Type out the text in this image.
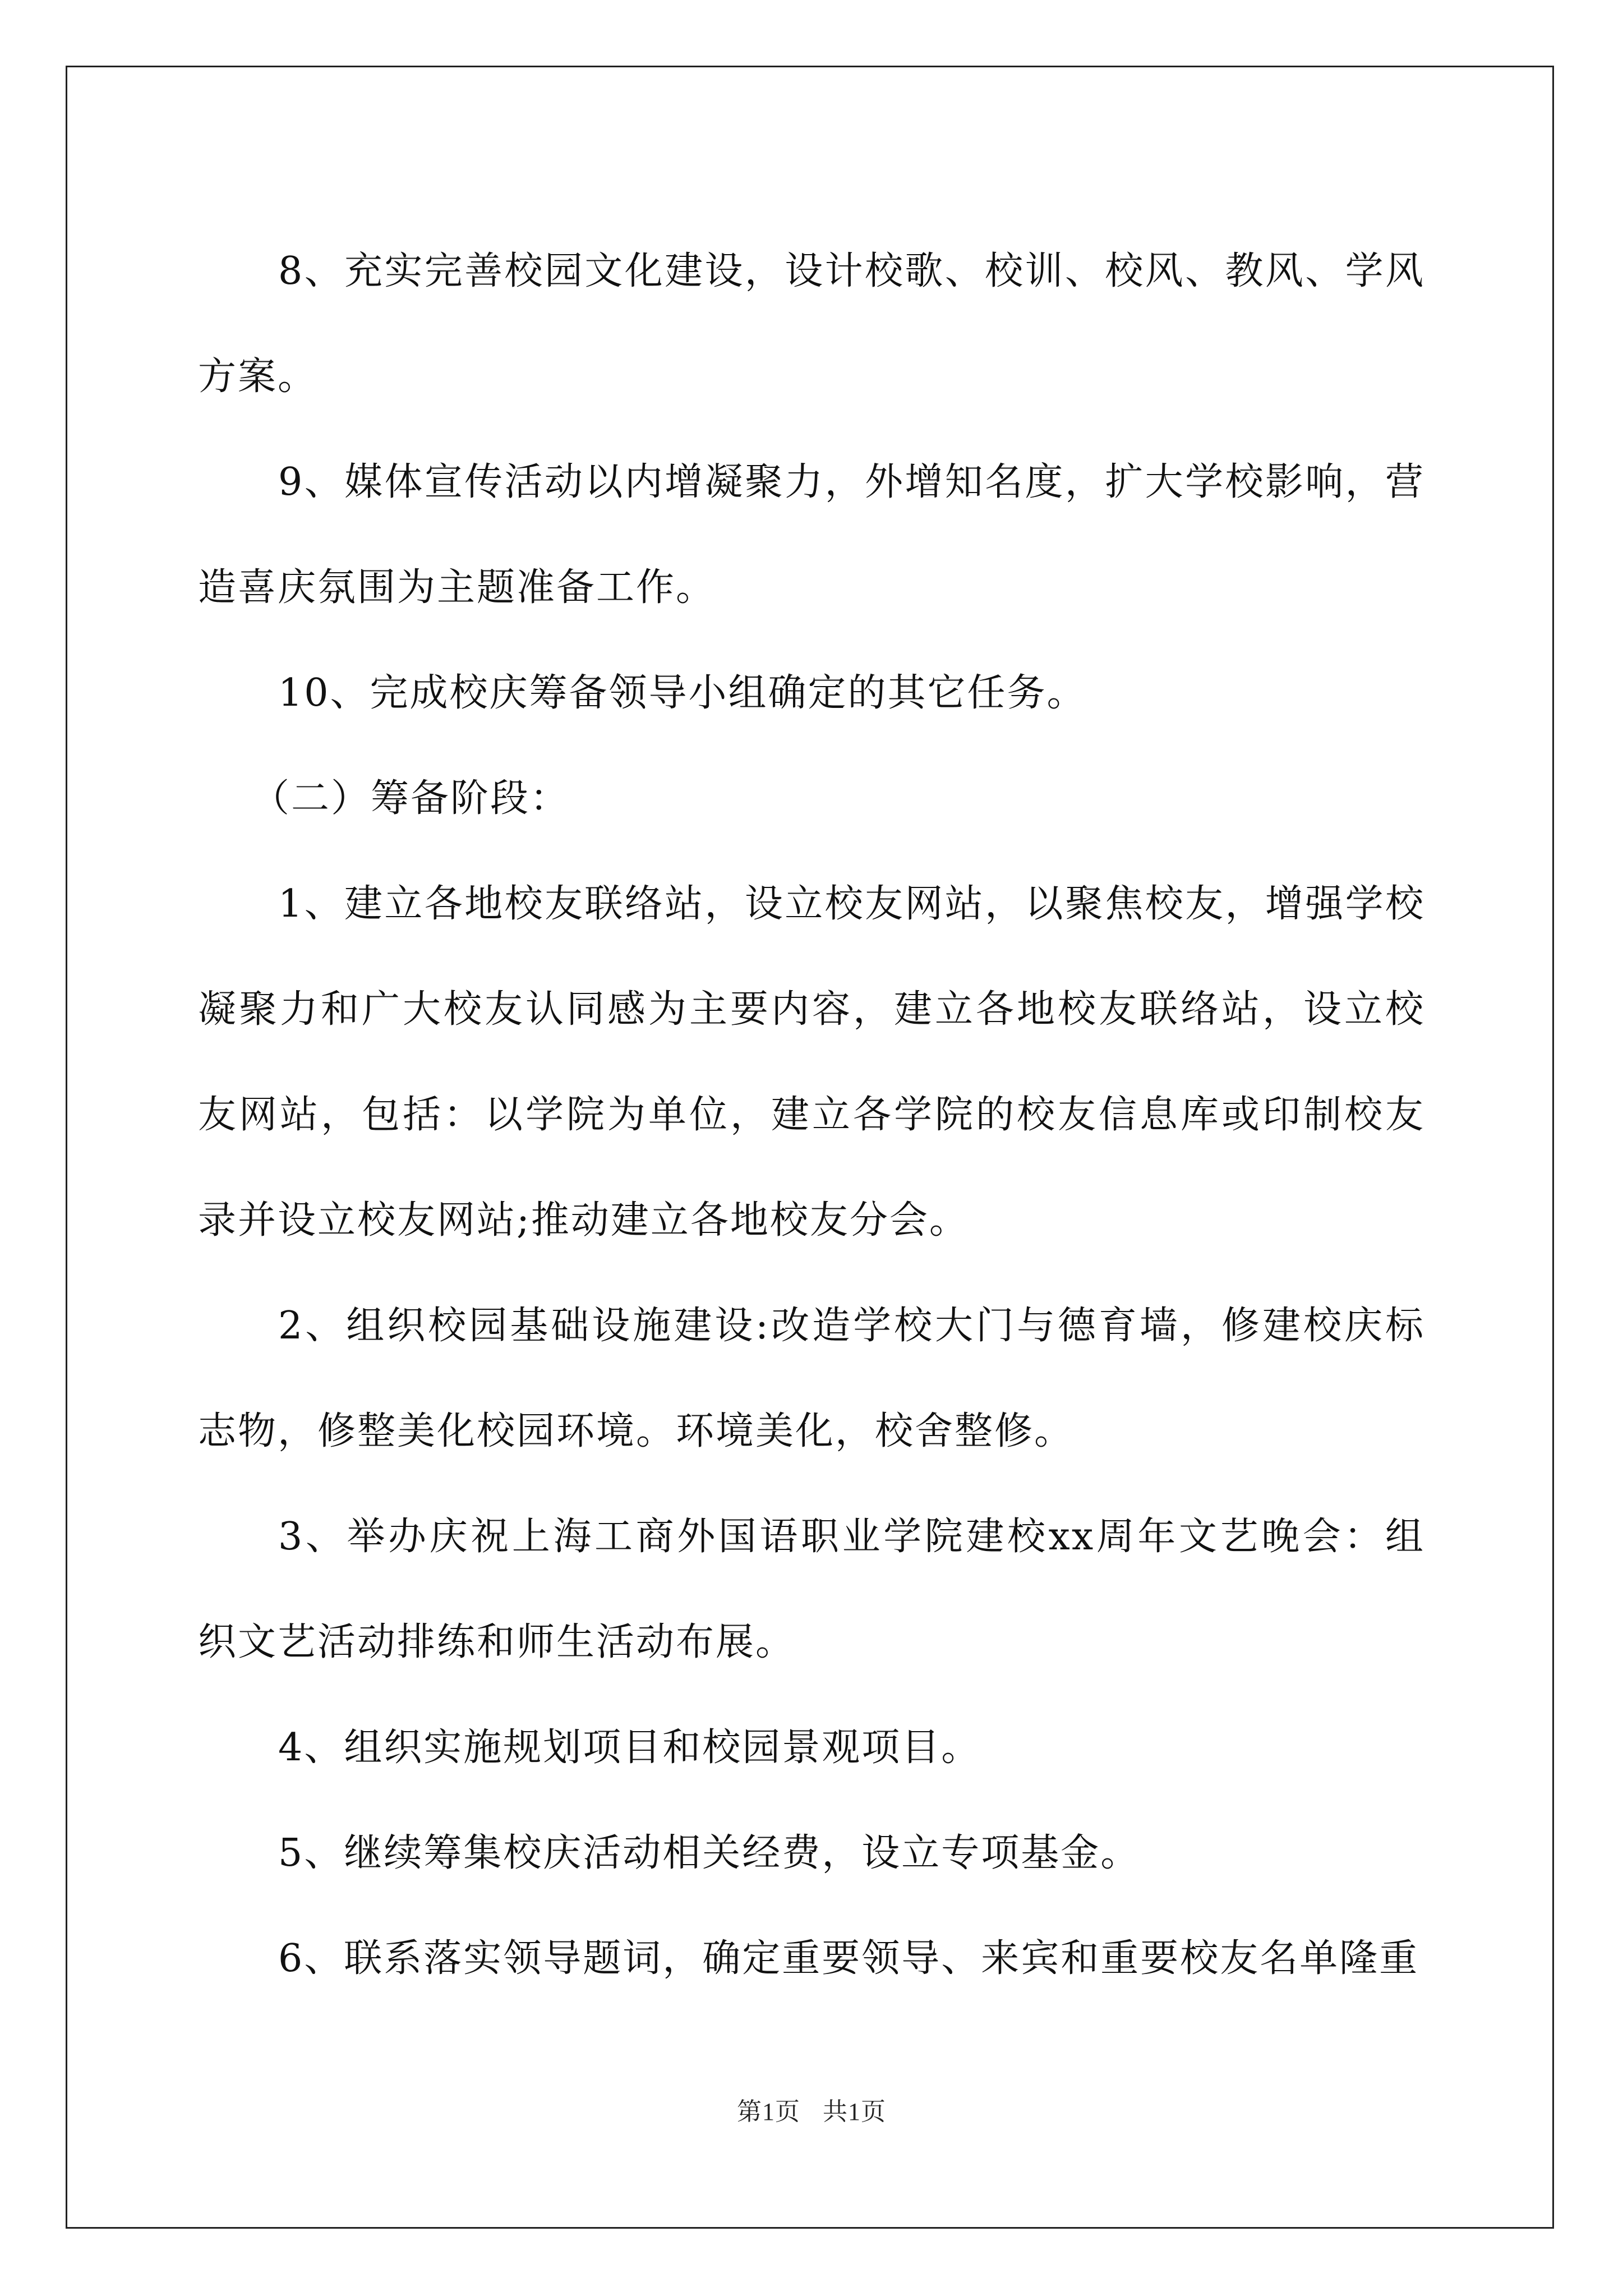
8、充实完善校园文化建设，设计校歌、校训、校风、教风、学风方案。

9、媒体宣传活动以内增凝聚力，外增知名度，扩大学校影响，营造喜庆氛围为主题准备工作。

10、完成校庆筹备领导小组确定的其它任务。

（二）筹备阶段：

1、建立各地校友联络站，设立校友网站，以聚焦校友，增强学校凝聚力和广大校友认同感为主要内容，建立各地校友联络站，设立校友网站，包括：以学院为单位，建立各学院的校友信息库或印制校友录并设立校友网站;推动建立各地校友分会。

2、组织校园基础设施建设:改造学校大门与德育墙，修建校庆标志物，修整美化校园环境。环境美化，校舍整修。

3、举办庆祝上海工商外国语职业学院建校xx周年文艺晚会：组织文艺活动排练和师生活动布展。

4、组织实施规划项目和校园景观项目。

5、继续筹集校庆活动相关经费，设立专项基金。

6、联系落实领导题词，确定重要领导、来宾和重要校友名单隆重

第1页 共1页
